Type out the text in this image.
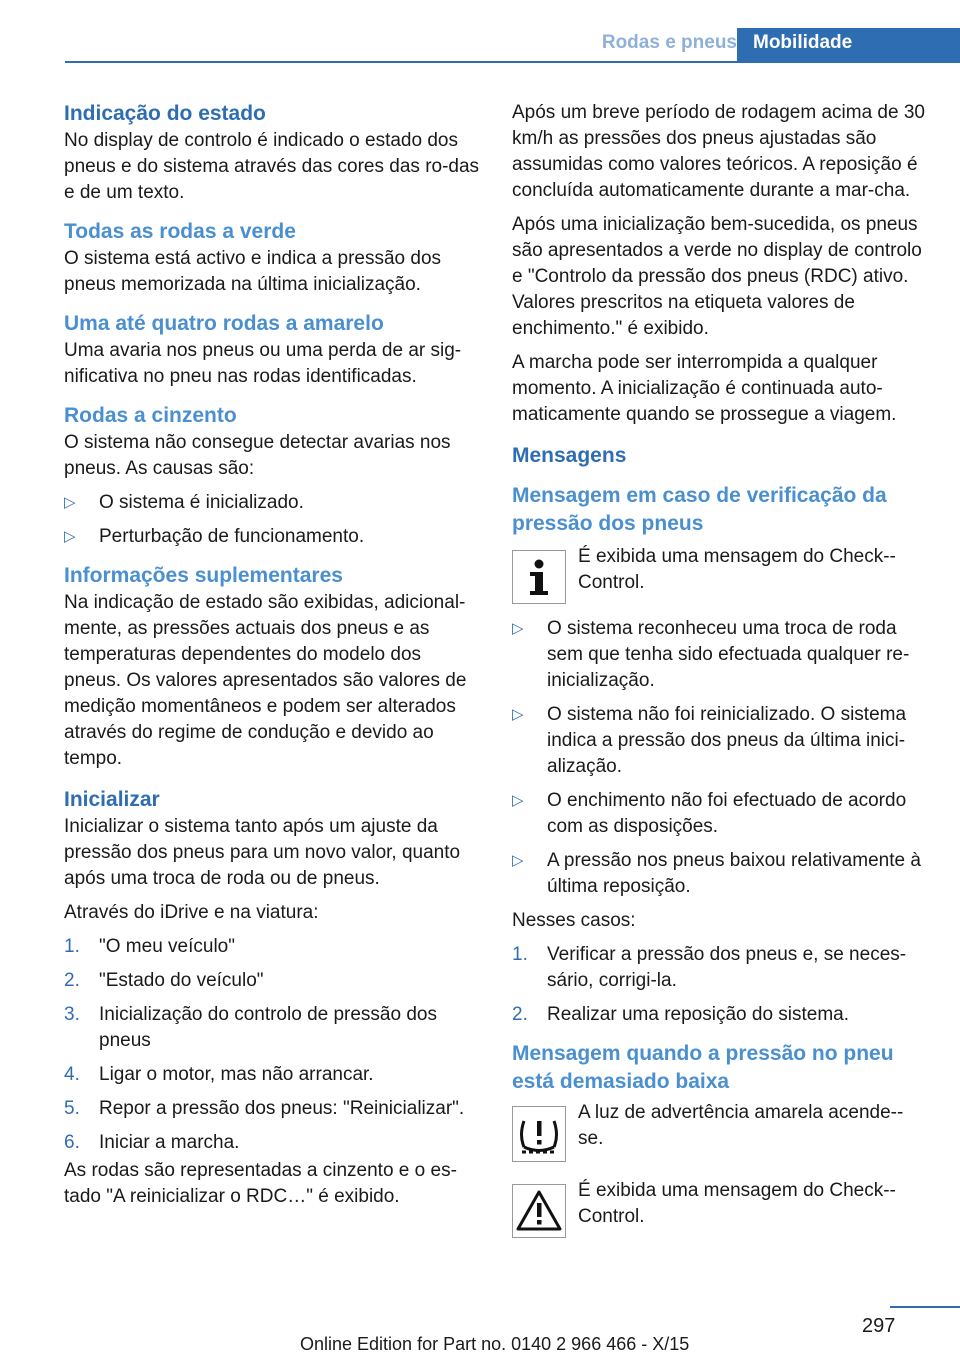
Rodas e pneus Mobilidade
Indicação do estado

No display de controlo é indicado o estado dos pneus e do sistema através das cores das ro‐das e de um texto.

Todas as rodas a verde

O sistema está activo e indica a pressão dos pneus memorizada na última inicialização.

Uma até quatro rodas a amarelo

Uma avaria nos pneus ou uma perda de ar sig‐nificativa no pneu nas rodas identificadas.

Rodas a cinzento

O sistema não consegue detectar avarias nos pneus. As causas são:

▷ O sistema é inicializado.
▷ Perturbação de funcionamento.
Informações suplementares

Na indicação de estado são exibidas, adicional‐mente, as pressões actuais dos pneus e as temperaturas dependentes do modelo dos pneus. Os valores apresentados são valores de medição momentâneos e podem ser alterados através do regime de condução e devido ao tempo.

Inicializar

Inicializar o sistema tanto após um ajuste da pressão dos pneus para um novo valor, quanto após uma troca de roda ou de pneus.

Através do iDrive e na viatura:

1. "O meu veículo"
2. "Estado do veículo"
3. Inicialização do controlo de pressão dos pneus
4. Ligar o motor, mas não arrancar.
5. Repor a pressão dos pneus: "Reinicializar".
6. Iniciar a marcha.

As rodas são representadas a cinzento e o es‐tado "A reinicializar o RDC…" é exibido.

Após um breve período de rodagem acima de 30 km/h as pressões dos pneus ajustadas são assumidas como valores teóricos. A reposição é concluída automaticamente durante a mar‐cha.

Após uma inicialização bem-sucedida, os pneus são apresentados a verde no display de controlo e "Controlo da pressão dos pneus (RDC) ativo. Valores prescritos na etiqueta valores de enchimento." é exibido.

A marcha pode ser interrompida a qualquer momento. A inicialização é continuada auto‐maticamente quando se prossegue a viagem.

Mensagens
Mensagem em caso de verificação da pressão dos pneus

É exibida uma mensagem do Check‐-Control.

▷ O sistema reconheceu uma troca de roda sem que tenha sido efectuada qualquer re‐inicialização.
▷ O sistema não foi reinicializado. O sistema indica a pressão dos pneus da última inici‐alização.
▷ O enchimento não foi efectuado de acordo com as disposições.
▷ A pressão nos pneus baixou relativamente à última reposição.

Nesses casos:

1. Verificar a pressão dos pneus e, se neces‐sário, corrigi-la.
2. Realizar uma reposição do sistema.
Mensagem quando a pressão no pneu está demasiado baixa

A luz de advertência amarela acende‐-se.

É exibida uma mensagem do Check‐-Control.

297
Online Edition for Part no. 0140 2 966 466 - X/15
